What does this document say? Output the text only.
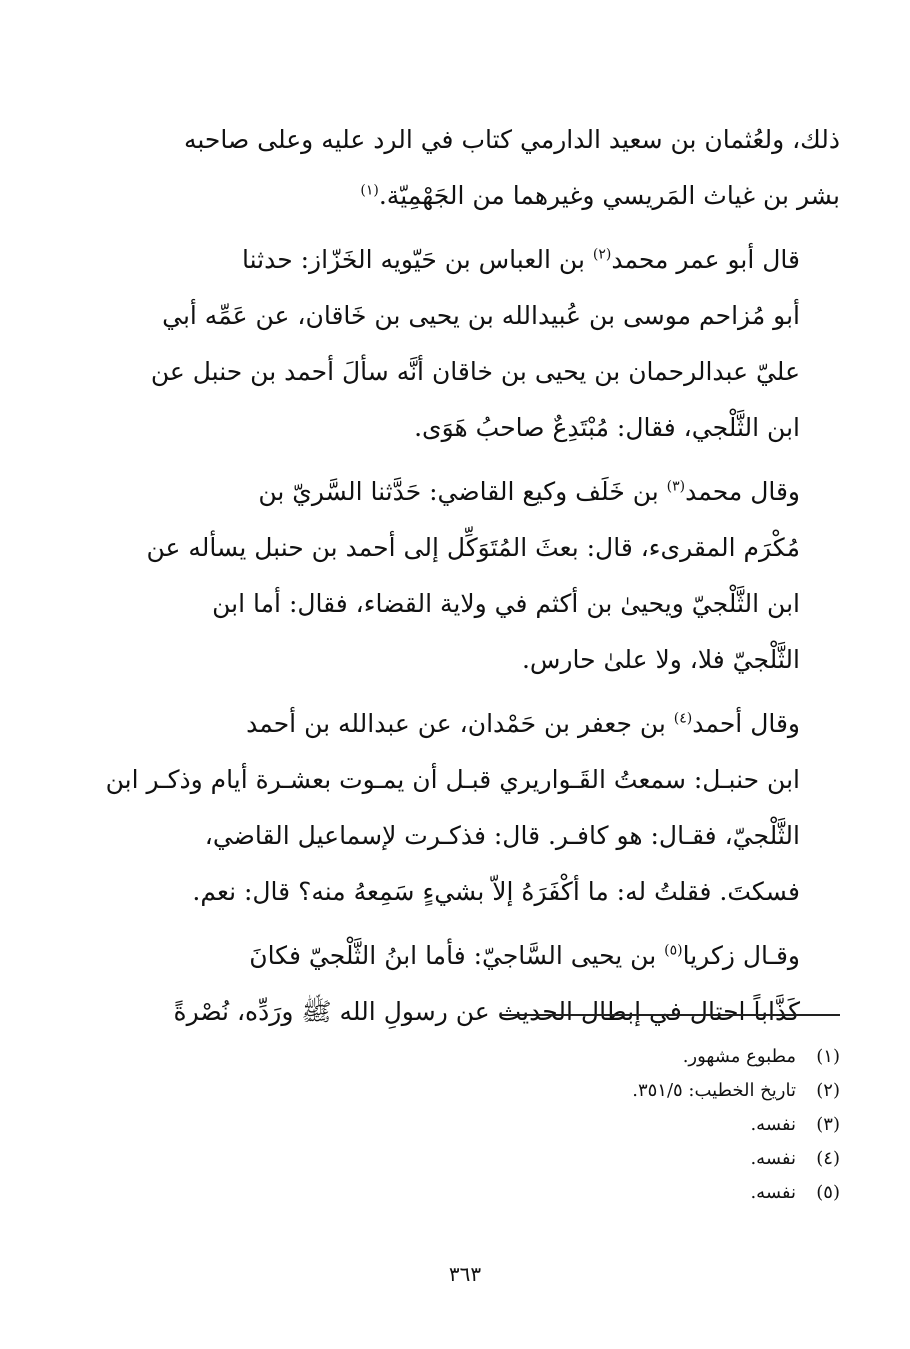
ذلك، ولعُثمان بن سعيد الدارمي كتاب في الرد عليه وعلى صاحبه
بشر بن غياث المَريسي وغيرهما من الجَهْمِيّة.$^{(١)}$

قال أبو عمر محمد$^{(٢)}$ بن العباس بن حَيّويه الخَزّاز: حدثنا
أبو مُزاحم موسى بن عُبيدالله بن يحيى بن خَاقان، عن عَمِّه أبي
عليّ عبدالرحمان بن يحيى بن خاقان أنَّه سألَ أحمد بن حنبل عن
ابن الثَّلْجي، فقال: مُبْتَدِعٌ صاحبُ هَوَى.

وقال محمد$^{(٣)}$ بن خَلَف وكيع القاضي: حَدَّثنا السَّريّ بن
مُكْرَم المقرىء، قال: بعثَ المُتَوَكِّل إلى أحمد بن حنبل يسأله عن
ابن الثَّلْجيّ ويحيىٰ بن أكثم في ولاية القضاء، فقال: أما ابن
الثَّلْجيّ فلا، ولا علىٰ حارس.

وقال أحمد$^{(٤)}$ بن جعفر بن حَمْدان، عن عبدالله بن أحمد
ابن حنبـل: سمعتُ القَـواريري قبـل أن يمـوت بعشـرة أيام وذكـر ابن
الثَّلْجيّ، فقـال: هو كافـر. قال: فذكـرت لإسماعيل القاضي،
فسكتَ. فقلتُ له: ما أكْفَرَهُ إلاّ بشيءٍ سَمِعهُ منه؟ قال: نعم.

وقـال زكريا$^{(٥)}$ بن يحيى السَّاجيّ: فأما ابنُ الثَّلْجيّ فكانَ
كَذَّاباً احتال في إبطال الحديث عن رسولِ الله ﷺ ورَدِّه، نُصْرةً

(١)مطبوع مشهور.
(٢)تاريخ الخطيب: ٣٥١/٥.
(٣)نفسه.
(٤)نفسه.
(٥)نفسه.
٣٦٣
